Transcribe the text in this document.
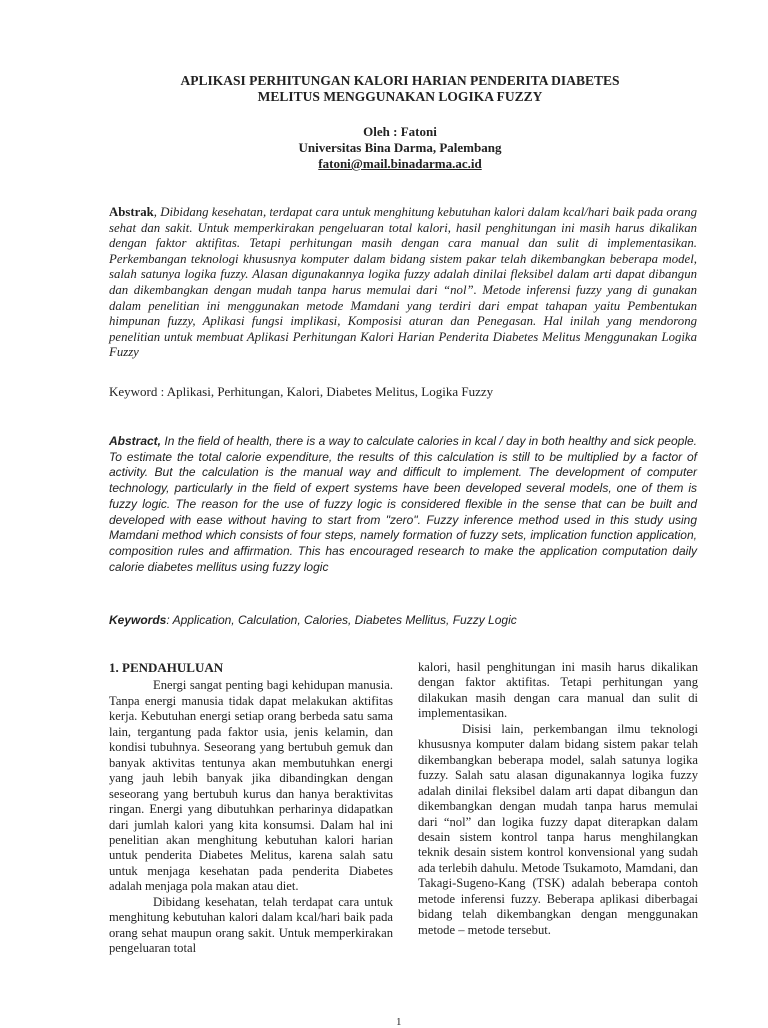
APLIKASI PERHITUNGAN KALORI HARIAN PENDERITA DIABETES
MELITUS MENGGUNAKAN LOGIKA FUZZY
Oleh : Fatoni
Universitas Bina Darma, Palembang
fatoni@mail.binadarma.ac.id
Abstrak, Dibidang kesehatan, terdapat cara untuk menghitung kebutuhan kalori dalam kcal/hari baik pada orang sehat dan sakit. Untuk memperkirakan pengeluaran total kalori, hasil penghitungan ini masih harus dikalikan dengan faktor aktifitas. Tetapi perhitungan masih dengan cara manual dan sulit di implementasikan. Perkembangan teknologi khususnya komputer dalam bidang sistem pakar telah dikembangkan beberapa model, salah satunya logika fuzzy. Alasan digunakannya logika fuzzy adalah dinilai fleksibel dalam arti dapat dibangun dan dikembangkan dengan mudah tanpa harus memulai dari “nol”. Metode inferensi fuzzy yang di gunakan dalam penelitian ini menggunakan metode Mamdani yang terdiri dari empat tahapan yaitu Pembentukan himpunan fuzzy, Aplikasi fungsi implikasi, Komposisi aturan dan Penegasan. Hal inilah yang mendorong penelitian untuk membuat Aplikasi Perhitungan Kalori Harian Penderita Diabetes Melitus Menggunakan Logika Fuzzy
Keyword : Aplikasi, Perhitungan, Kalori, Diabetes Melitus, Logika Fuzzy
Abstract, In the field of health, there is a way to calculate calories in kcal / day in both healthy and sick people. To estimate the total calorie expenditure, the results of this calculation is still to be multiplied by a factor of activity. But the calculation is the manual way and difficult to implement. The development of computer technology, particularly in the field of expert systems have been developed several models, one of them is fuzzy logic. The reason for the use of fuzzy logic is considered flexible in the sense that can be built and developed with ease without having to start from "zero". Fuzzy inference method used in this study using Mamdani method which consists of four steps, namely formation of fuzzy sets, implication function application, composition rules and affirmation. This has encouraged research to make the application computation daily calorie diabetes mellitus using fuzzy logic
Keywords: Application, Calculation, Calories, Diabetes Mellitus, Fuzzy Logic

1. PENDAHULUAN

Energi sangat penting bagi kehidupan manusia. Tanpa energi manusia tidak dapat melakukan aktifitas kerja. Kebutuhan energi setiap orang berbeda satu sama lain, tergantung pada faktor usia, jenis kelamin, dan kondisi tubuhnya. Seseorang yang bertubuh gemuk dan banyak aktivitas tentunya akan membutuhkan energi yang jauh lebih banyak jika dibandingkan dengan seseorang yang bertubuh kurus dan hanya beraktivitas ringan. Energi yang dibutuhkan perharinya didapatkan dari jumlah kalori yang kita konsumsi. Dalam hal ini penelitian akan menghitung kebutuhan kalori harian untuk penderita Diabetes Melitus, karena salah satu untuk menjaga kesehatan pada penderita Diabetes adalah menjaga pola makan atau diet.

Dibidang kesehatan, telah terdapat cara untuk menghitung kebutuhan kalori dalam kcal/hari baik pada orang sehat maupun orang sakit. Untuk memperkirakan pengeluaran total

kalori, hasil penghitungan ini masih harus dikalikan dengan faktor aktifitas. Tetapi perhitungan yang dilakukan masih dengan cara manual dan sulit di implementasikan.

Disisi lain, perkembangan ilmu teknologi khususnya komputer dalam bidang sistem pakar telah dikembangkan beberapa model, salah satunya logika fuzzy. Salah satu alasan digunakannya logika fuzzy adalah dinilai fleksibel dalam arti dapat dibangun dan dikembangkan dengan mudah tanpa harus memulai dari “nol” dan logika fuzzy dapat diterapkan dalam desain sistem kontrol tanpa harus menghilangkan teknik desain sistem kontrol konvensional yang sudah ada terlebih dahulu. Metode Tsukamoto, Mamdani, dan Takagi-Sugeno-Kang (TSK) adalah beberapa contoh metode inferensi fuzzy. Beberapa aplikasi diberbagai bidang telah dikembangkan dengan menggunakan metode – metode tersebut.

1
